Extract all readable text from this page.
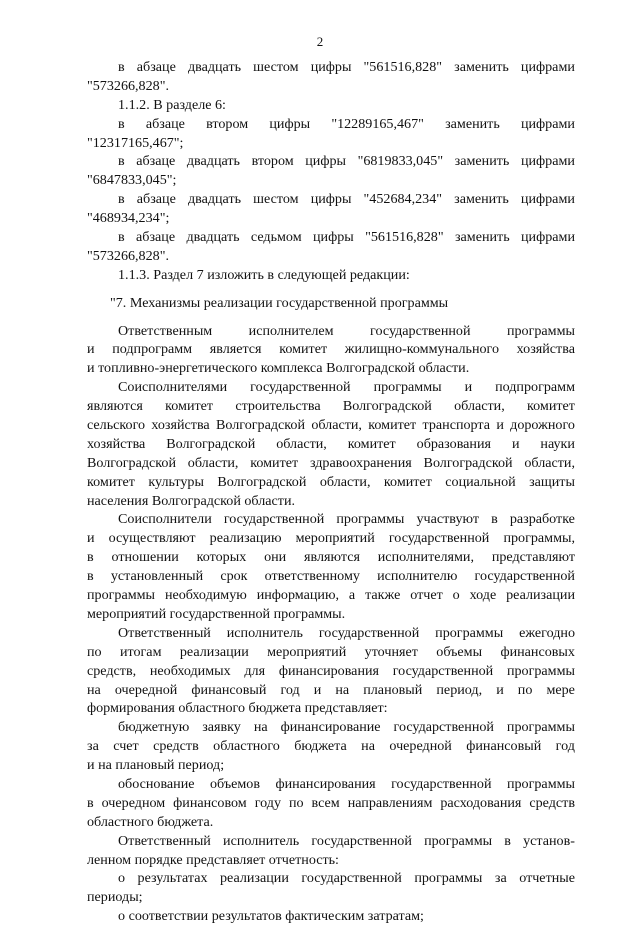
2
в абзаце двадцать шестом цифры "561516,828" заменить цифрами
"573266,828".
1.1.2. В разделе 6:
в абзаце втором цифры "12289165,467" заменить цифрами
"12317165,467";
в абзаце двадцать втором цифры "6819833,045" заменить цифрами
"6847833,045";
в абзаце двадцать шестом цифры "452684,234" заменить цифрами
"468934,234";
в абзаце двадцать седьмом цифры "561516,828" заменить цифрами
"573266,828".
1.1.3. Раздел 7 изложить в следующей редакции:
"7. Механизмы реализации государственной программы
Ответственным	исполнителем	государственной	программы
и подпрограмм является комитет жилищно-коммунального хозяйства
и топливно-энергетического комплекса Волгоградской области.
Соисполнителями государственной программы и подпрограмм
являются комитет строительства Волгоградской области, комитет
сельского хозяйства Волгоградской области, комитет транспорта и дорожного
хозяйства Волгоградской области, комитет образования и науки
Волгоградской области, комитет здравоохранения Волгоградской области,
комитет культуры Волгоградской области, комитет социальной защиты
населения Волгоградской области.
Соисполнители государственной программы участвуют в разработке
и осуществляют реализацию мероприятий государственной программы,
в отношении которых они являются исполнителями, представляют
в установленный срок ответственному исполнителю государственной
программы необходимую информацию, а также отчет о ходе реализации
мероприятий государственной программы.
Ответственный исполнитель государственной программы ежегодно
по итогам реализации мероприятий уточняет объемы финансовых
средств, необходимых для финансирования государственной программы
на очередной финансовый год и на плановый период, и по мере
формирования областного бюджета представляет:
бюджетную заявку на финансирование государственной программы
за счет средств областного бюджета на очередной финансовый год
и на плановый период;
обоснование объемов финансирования государственной программы
в очередном финансовом году по всем направлениям расходования средств
областного бюджета.
Ответственный исполнитель государственной программы в установ-
ленном порядке представляет отчетность:
о результатах реализации государственной программы за отчетные
периоды;
о соответствии результатов фактическим затратам;
